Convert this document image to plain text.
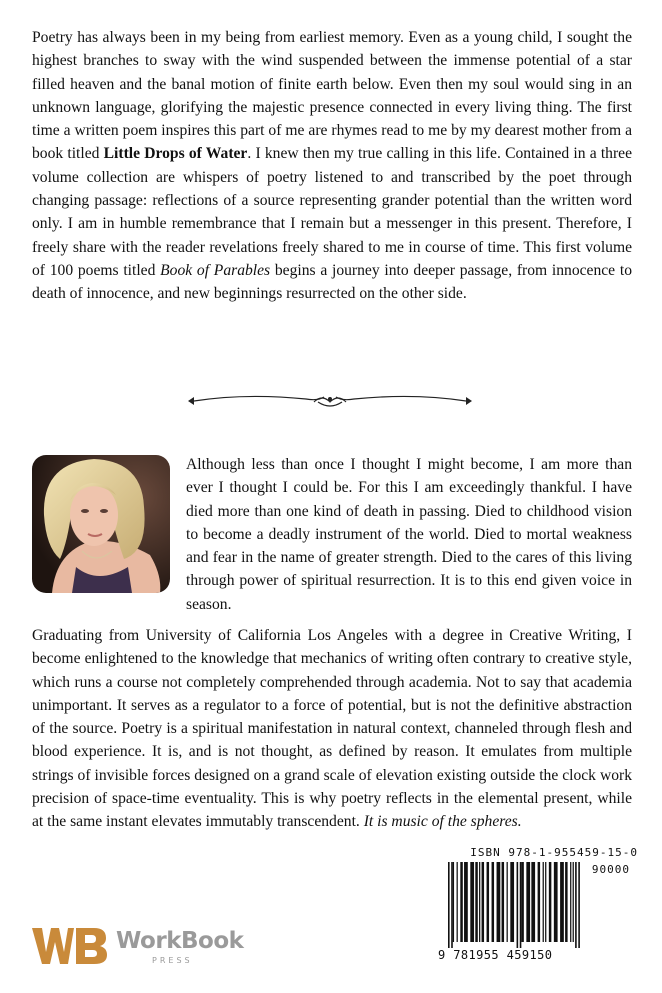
Poetry has always been in my being from earliest memory. Even as a young child, I sought the highest branches to sway with the wind suspended between the immense potential of a star filled heaven and the banal motion of finite earth below. Even then my soul would sing in an unknown language, glorifying the majestic presence connected in every living thing. The first time a written poem inspires this part of me are rhymes read to me by my dearest mother from a book titled Little Drops of Water. I knew then my true calling in this life. Contained in a three volume collection are whispers of poetry listened to and transcribed by the poet through changing passage: reflections of a source representing grander potential than the written word only. I am in humble remembrance that I remain but a messenger in this present. Therefore, I freely share with the reader revelations freely shared to me in course of time. This first volume of 100 poems titled Book of Parables begins a journey into deeper passage, from innocence to death of innocence, and new beginnings resurrected on the other side.

Although less than once I thought I might become, I am more than ever I thought I could be. For this I am exceedingly thankful. I have died more than one kind of death in passing. Died to childhood vision to become a deadly instrument of the world. Died to mortal weakness and fear in the name of greater strength. Died to the cares of this living through power of spiritual resurrection. It is to this end given voice in season.

Graduating from University of California Los Angeles with a degree in Creative Writing, I become enlightened to the knowledge that mechanics of writing often contrary to creative style, which runs a course not completely comprehended through academia. Not to say that academia unimportant. It serves as a regulator to a force of potential, but is not the definitive abstraction of the source. Poetry is a spiritual manifestation in natural context, channeled through flesh and blood experience. It is, and is not thought, as defined by reason. It emulates from multiple strings of invisible forces designed on a grand scale of elevation existing outside the clock work precision of space-time eventuality. This is why poetry reflects in the elemental present, while at the same instant elevates immutably transcendent. It is music of the spheres.

ISBN 978-1-955459-15-0
90000
9 781955 459150
WorkBook
PRESS
